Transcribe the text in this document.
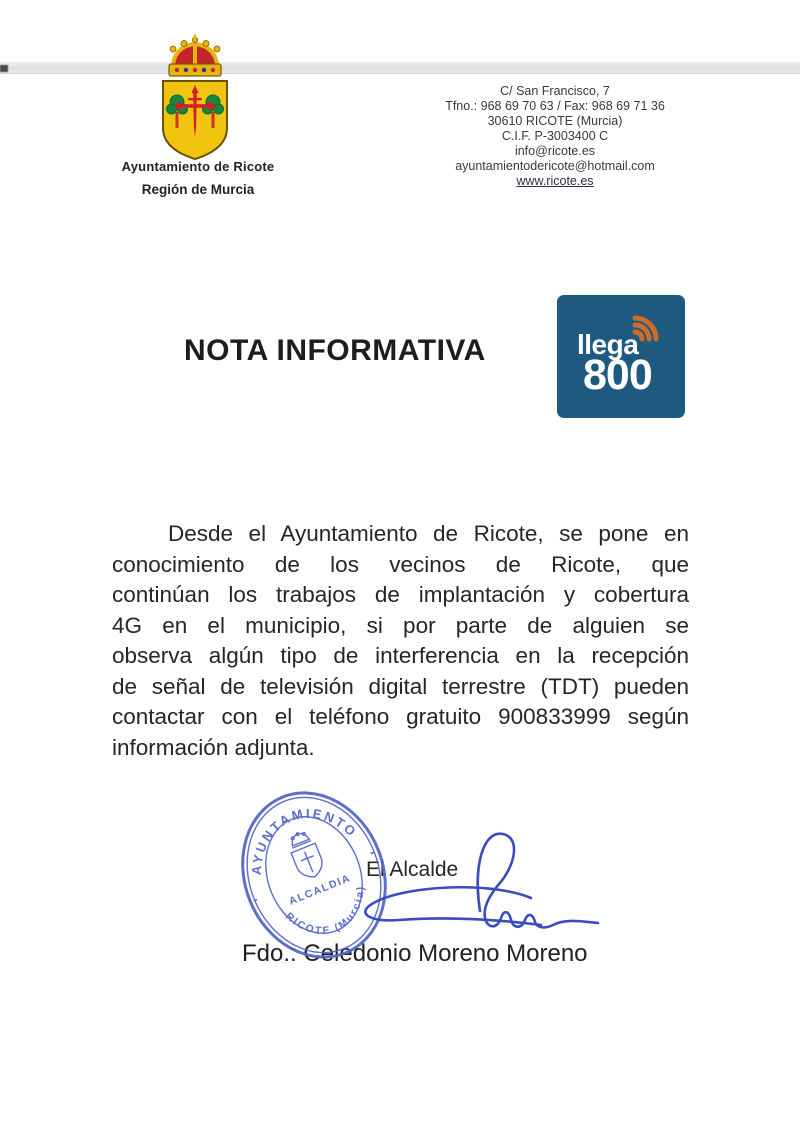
Ayuntamiento de Ricote
Región de Murcia
C/ San Francisco, 7
Tfno.: 968 69 70 63 / Fax: 968 69 71 36
30610 RICOTE (Murcia)
C.I.F. P-3003400 C
info@ricote.es
ayuntamientodericote@hotmail.com
www.ricote.es
NOTA INFORMATIVA	llega
800
Desde el Ayuntamiento de Ricote, se pone en
conocimiento de los vecinos de Ricote, que
continúan los trabajos de implantación y cobertura
4G en el municipio, si por parte de alguien se
observa algún tipo de interferencia en la recepción
de señal de televisión digital terrestre (TDT) pueden
contactar con el teléfono gratuito 900833999 según
información adjunta.
AYUNTAMIENTO
RICOTE (Murcia)
-
-
ALCALDIA
El Alcalde
Fdo.: Celedonio Moreno Moreno
